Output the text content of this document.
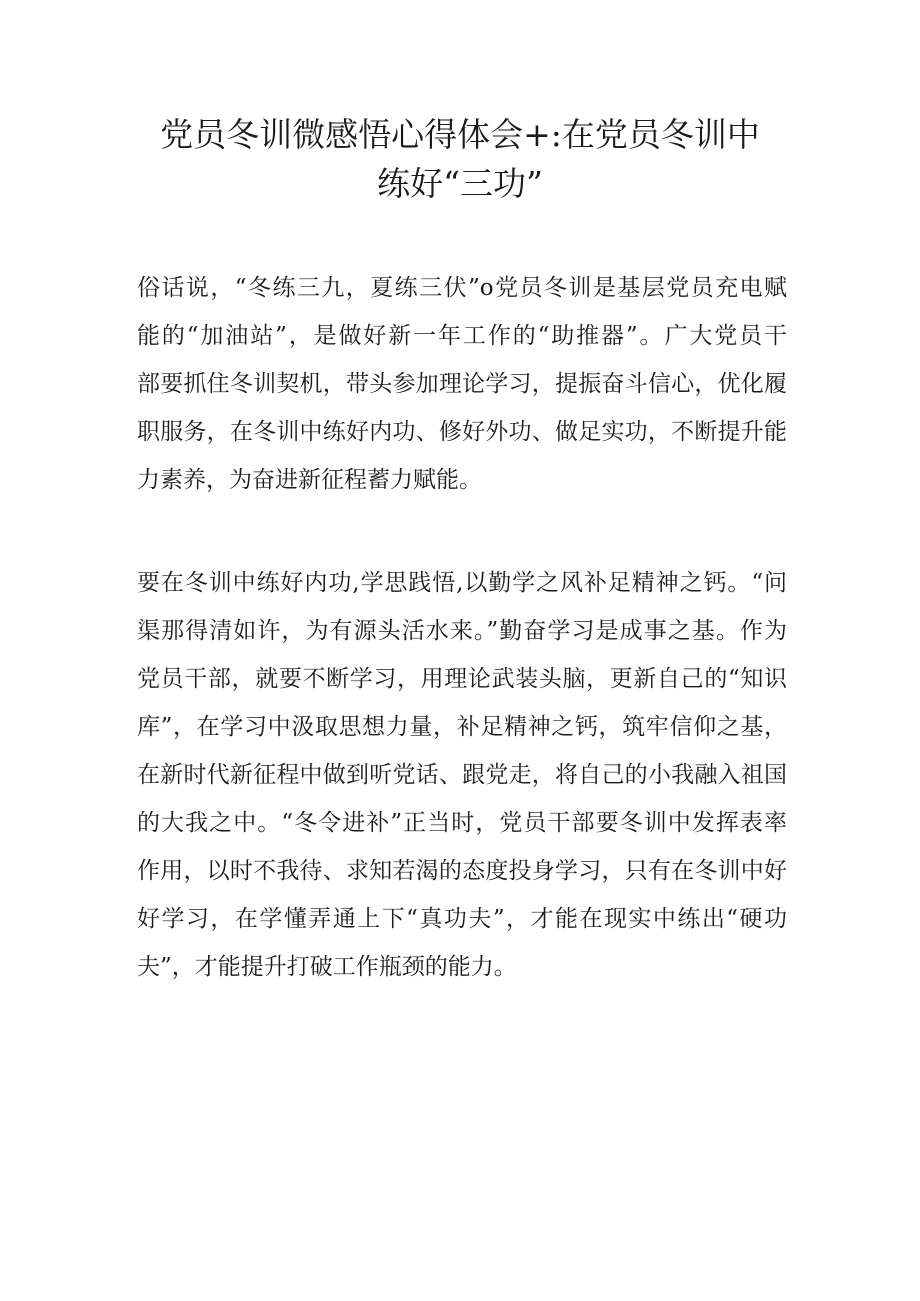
党员冬训微感悟心得体会+:在党员冬训中
练好“三功”

俗话说，“冬练三九，夏练三伏”o党员冬训是基层党员充电赋
能的“加油站”，是做好新一年工作的“助推器”。广大党员干
部要抓住冬训契机，带头参加理论学习，提振奋斗信心，优化履
职服务，在冬训中练好内功、修好外功、做足实功，不断提升能
力素养，为奋进新征程蓄力赋能。

要在冬训中练好内功,学思践悟,以勤学之风补足精神之钙。“问
渠那得清如许，为有源头活水来。”勤奋学习是成事之基。作为
党员干部，就要不断学习，用理论武装头脑，更新自己的“知识
库”，在学习中汲取思想力量，补足精神之钙，筑牢信仰之基，
在新时代新征程中做到听党话、跟党走，将自己的小我融入祖国
的大我之中。“冬令进补”正当时，党员干部要冬训中发挥表率
作用，以时不我待、求知若渴的态度投身学习，只有在冬训中好
好学习，在学懂弄通上下“真功夫”，才能在现实中练出“硬功
夫”，才能提升打破工作瓶颈的能力。
